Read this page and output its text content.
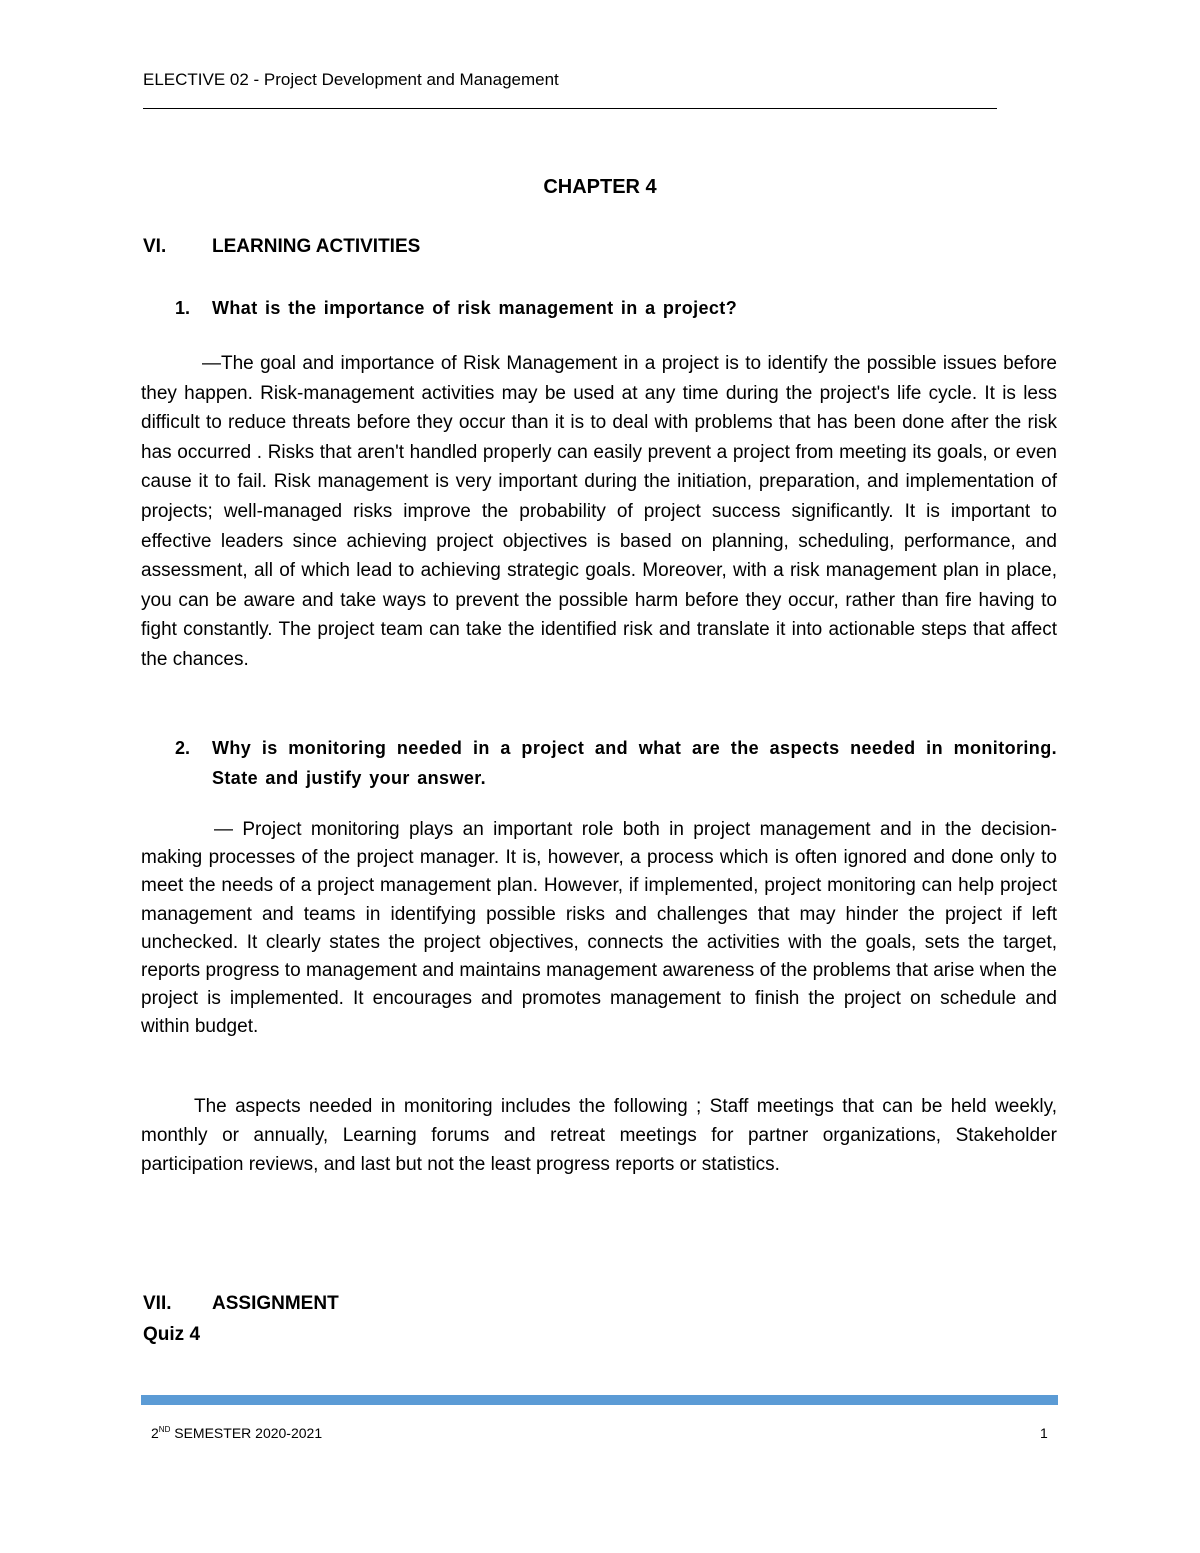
ELECTIVE 02 - Project Development and Management
CHAPTER 4
VI. LEARNING ACTIVITIES
1. What is the importance of risk management in a project?

—The goal and importance of Risk Management in a project is to identify the possible issues before they happen. Risk-management activities may be used at any time during the project's life cycle. It is less difficult to reduce threats before they occur than it is to deal with problems that has been done after the risk has occurred . Risks that aren't handled properly can easily prevent a project from meeting its goals, or even cause it to fail. Risk management is very important during the initiation, preparation, and implementation of projects; well-managed risks improve the probability of project success significantly. It is important to effective leaders since achieving project objectives is based on planning, scheduling, performance, and assessment, all of which lead to achieving strategic goals. Moreover, with a risk management plan in place, you can be aware and take ways to prevent the possible harm before they occur, rather than fire having to fight constantly. The project team can take the identified risk and translate it into actionable steps that affect the chances.

2. Why is monitoring needed in a project and what are the aspects needed in monitoring. State and justify your answer.

— Project monitoring plays an important role both in project management and in the decision-making processes of the project manager. It is, however, a process which is often ignored and done only to meet the needs of a project management plan. However, if implemented, project monitoring can help project management and teams in identifying possible risks and challenges that may hinder the project if left unchecked. It clearly states the project objectives, connects the activities with the goals, sets the target, reports progress to management and maintains management awareness of the problems that arise when the project is implemented. It encourages and promotes management to finish the project on schedule and within budget.

The aspects needed in monitoring includes the following ; Staff meetings that can be held weekly, monthly or annually, Learning forums and retreat meetings for partner organizations, Stakeholder participation reviews, and last but not the least progress reports or statistics.

VII. ASSIGNMENT
Quiz 4
2ND SEMESTER 2020-2021	1
